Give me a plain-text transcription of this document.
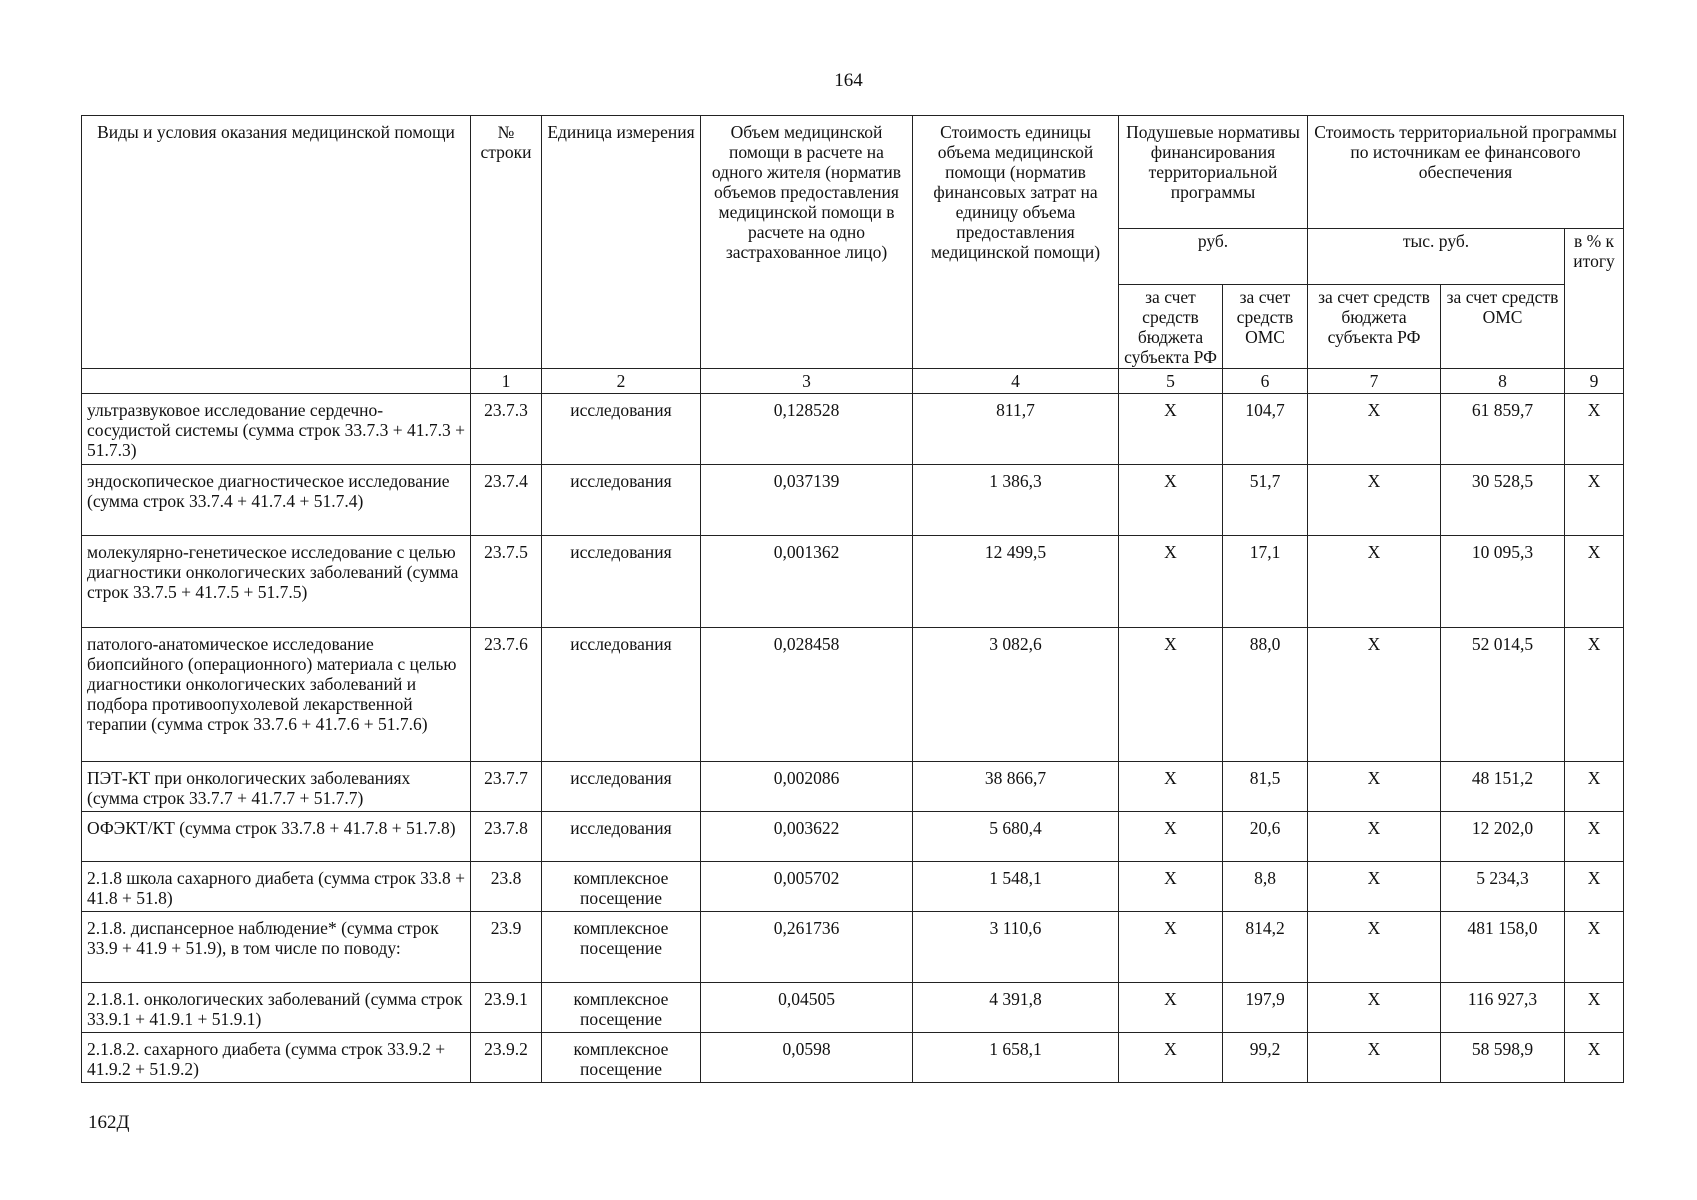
164
Виды и условия оказания медицинской помощи	№ строки	Единица измерения	Объем медицинской помощи в расчете на одного жителя (норматив объемов предоставления медицинской помощи в расчете на одно застрахованное лицо)	Стоимость единицы объема медицинской помощи (норматив финансовых затрат на единицу объема предоставления медицинской помощи)	Подушевые нормативы финансирования территориальной программы		Стоимость территориальной программы по источникам ее финансового обеспечения		
					руб.		тыс. руб.		в % к итогу
					за счет средств бюджета субъекта РФ	за счет средств ОМС	за счет средств бюджета субъекта РФ	за счет средств ОМС	
	1	2	3	4	5	6	7	8	9
ультразвуковое исследование сердечно-сосудистой системы (сумма строк 33.7.3 + 41.7.3 + 51.7.3)	23.7.3	исследования	0,128528	811,7	X	104,7	X	61 859,7	X
эндоскопическое диагностическое исследование (сумма строк 33.7.4 + 41.7.4 + 51.7.4)	23.7.4	исследования	0,037139	1 386,3	X	51,7	X	30 528,5	X
молекулярно-генетическое исследование с целью диагностики онкологических заболеваний (сумма строк 33.7.5 + 41.7.5 + 51.7.5)	23.7.5	исследования	0,001362	12 499,5	X	17,1	X	10 095,3	X
патолого-анатомическое исследование биопсийного (операционного) материала с целью диагностики онкологических заболеваний и подбора противоопухолевой лекарственной терапии (сумма строк 33.7.6 + 41.7.6 + 51.7.6)	23.7.6	исследования	0,028458	3 082,6	X	88,0	X	52 014,5	X
ПЭТ-КТ при онкологических заболеваниях (сумма строк 33.7.7 + 41.7.7 + 51.7.7)	23.7.7	исследования	0,002086	38 866,7	X	81,5	X	48 151,2	X
ОФЭКТ/КТ (сумма строк 33.7.8 + 41.7.8 + 51.7.8)	23.7.8	исследования	0,003622	5 680,4	X	20,6	X	12 202,0	X
2.1.8 школа сахарного диабета (сумма строк 33.8 + 41.8 + 51.8)	23.8	комплексное посещение	0,005702	1 548,1	X	8,8	X	5 234,3	X
2.1.8. диспансерное наблюдение* (сумма строк 33.9 + 41.9 + 51.9), в том числе по поводу:	23.9	комплексное посещение	0,261736	3 110,6	X	814,2	X	481 158,0	X
2.1.8.1. онкологических заболеваний (сумма строк 33.9.1 + 41.9.1 + 51.9.1)	23.9.1	комплексное посещение	0,04505	4 391,8	X	197,9	X	116 927,3	X
2.1.8.2. сахарного диабета (сумма строк 33.9.2 + 41.9.2 + 51.9.2)	23.9.2	комплексное посещение	0,0598	1 658,1	X	99,2	X	58 598,9	X
162Д
